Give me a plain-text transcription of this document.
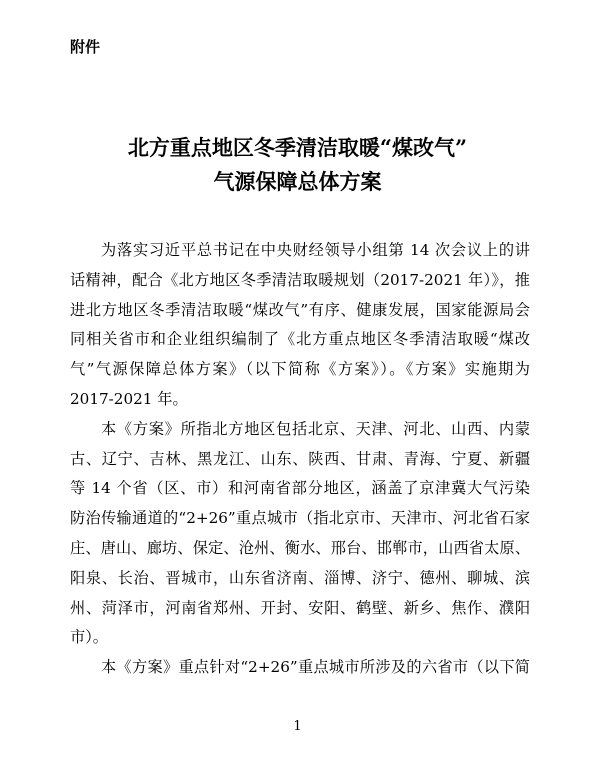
附件
北方重点地区冬季清洁取暖“煤改气”
气源保障总体方案
为落实习近平总书记在中央财经领导小组第 14 次会议上的讲
话精神，配合《北方地区冬季清洁取暖规划（2017-2021 年）》，推
进北方地区冬季清洁取暖“煤改气”有序、健康发展，国家能源局会
同相关省市和企业组织编制了《北方重点地区冬季清洁取暖“煤改
气”气源保障总体方案》（以下简称《方案》）。《方案》实施期为
2017-2021 年。
本《方案》所指北方地区包括北京、天津、河北、山西、内蒙
古、辽宁、吉林、黑龙江、山东、陕西、甘肃、青海、宁夏、新疆
等 14 个省（区、市）和河南省部分地区，涵盖了京津冀大气污染
防治传输通道的“2+26”重点城市（指北京市、天津市、河北省石家
庄、唐山、廊坊、保定、沧州、衡水、邢台、邯郸市，山西省太原、
阳泉、长治、晋城市，山东省济南、淄博、济宁、德州、聊城、滨
州、菏泽市，河南省郑州、开封、安阳、鹤壁、新乡、焦作、濮阳
市）。
本《方案》重点针对“2+26”重点城市所涉及的六省市（以下简
1
